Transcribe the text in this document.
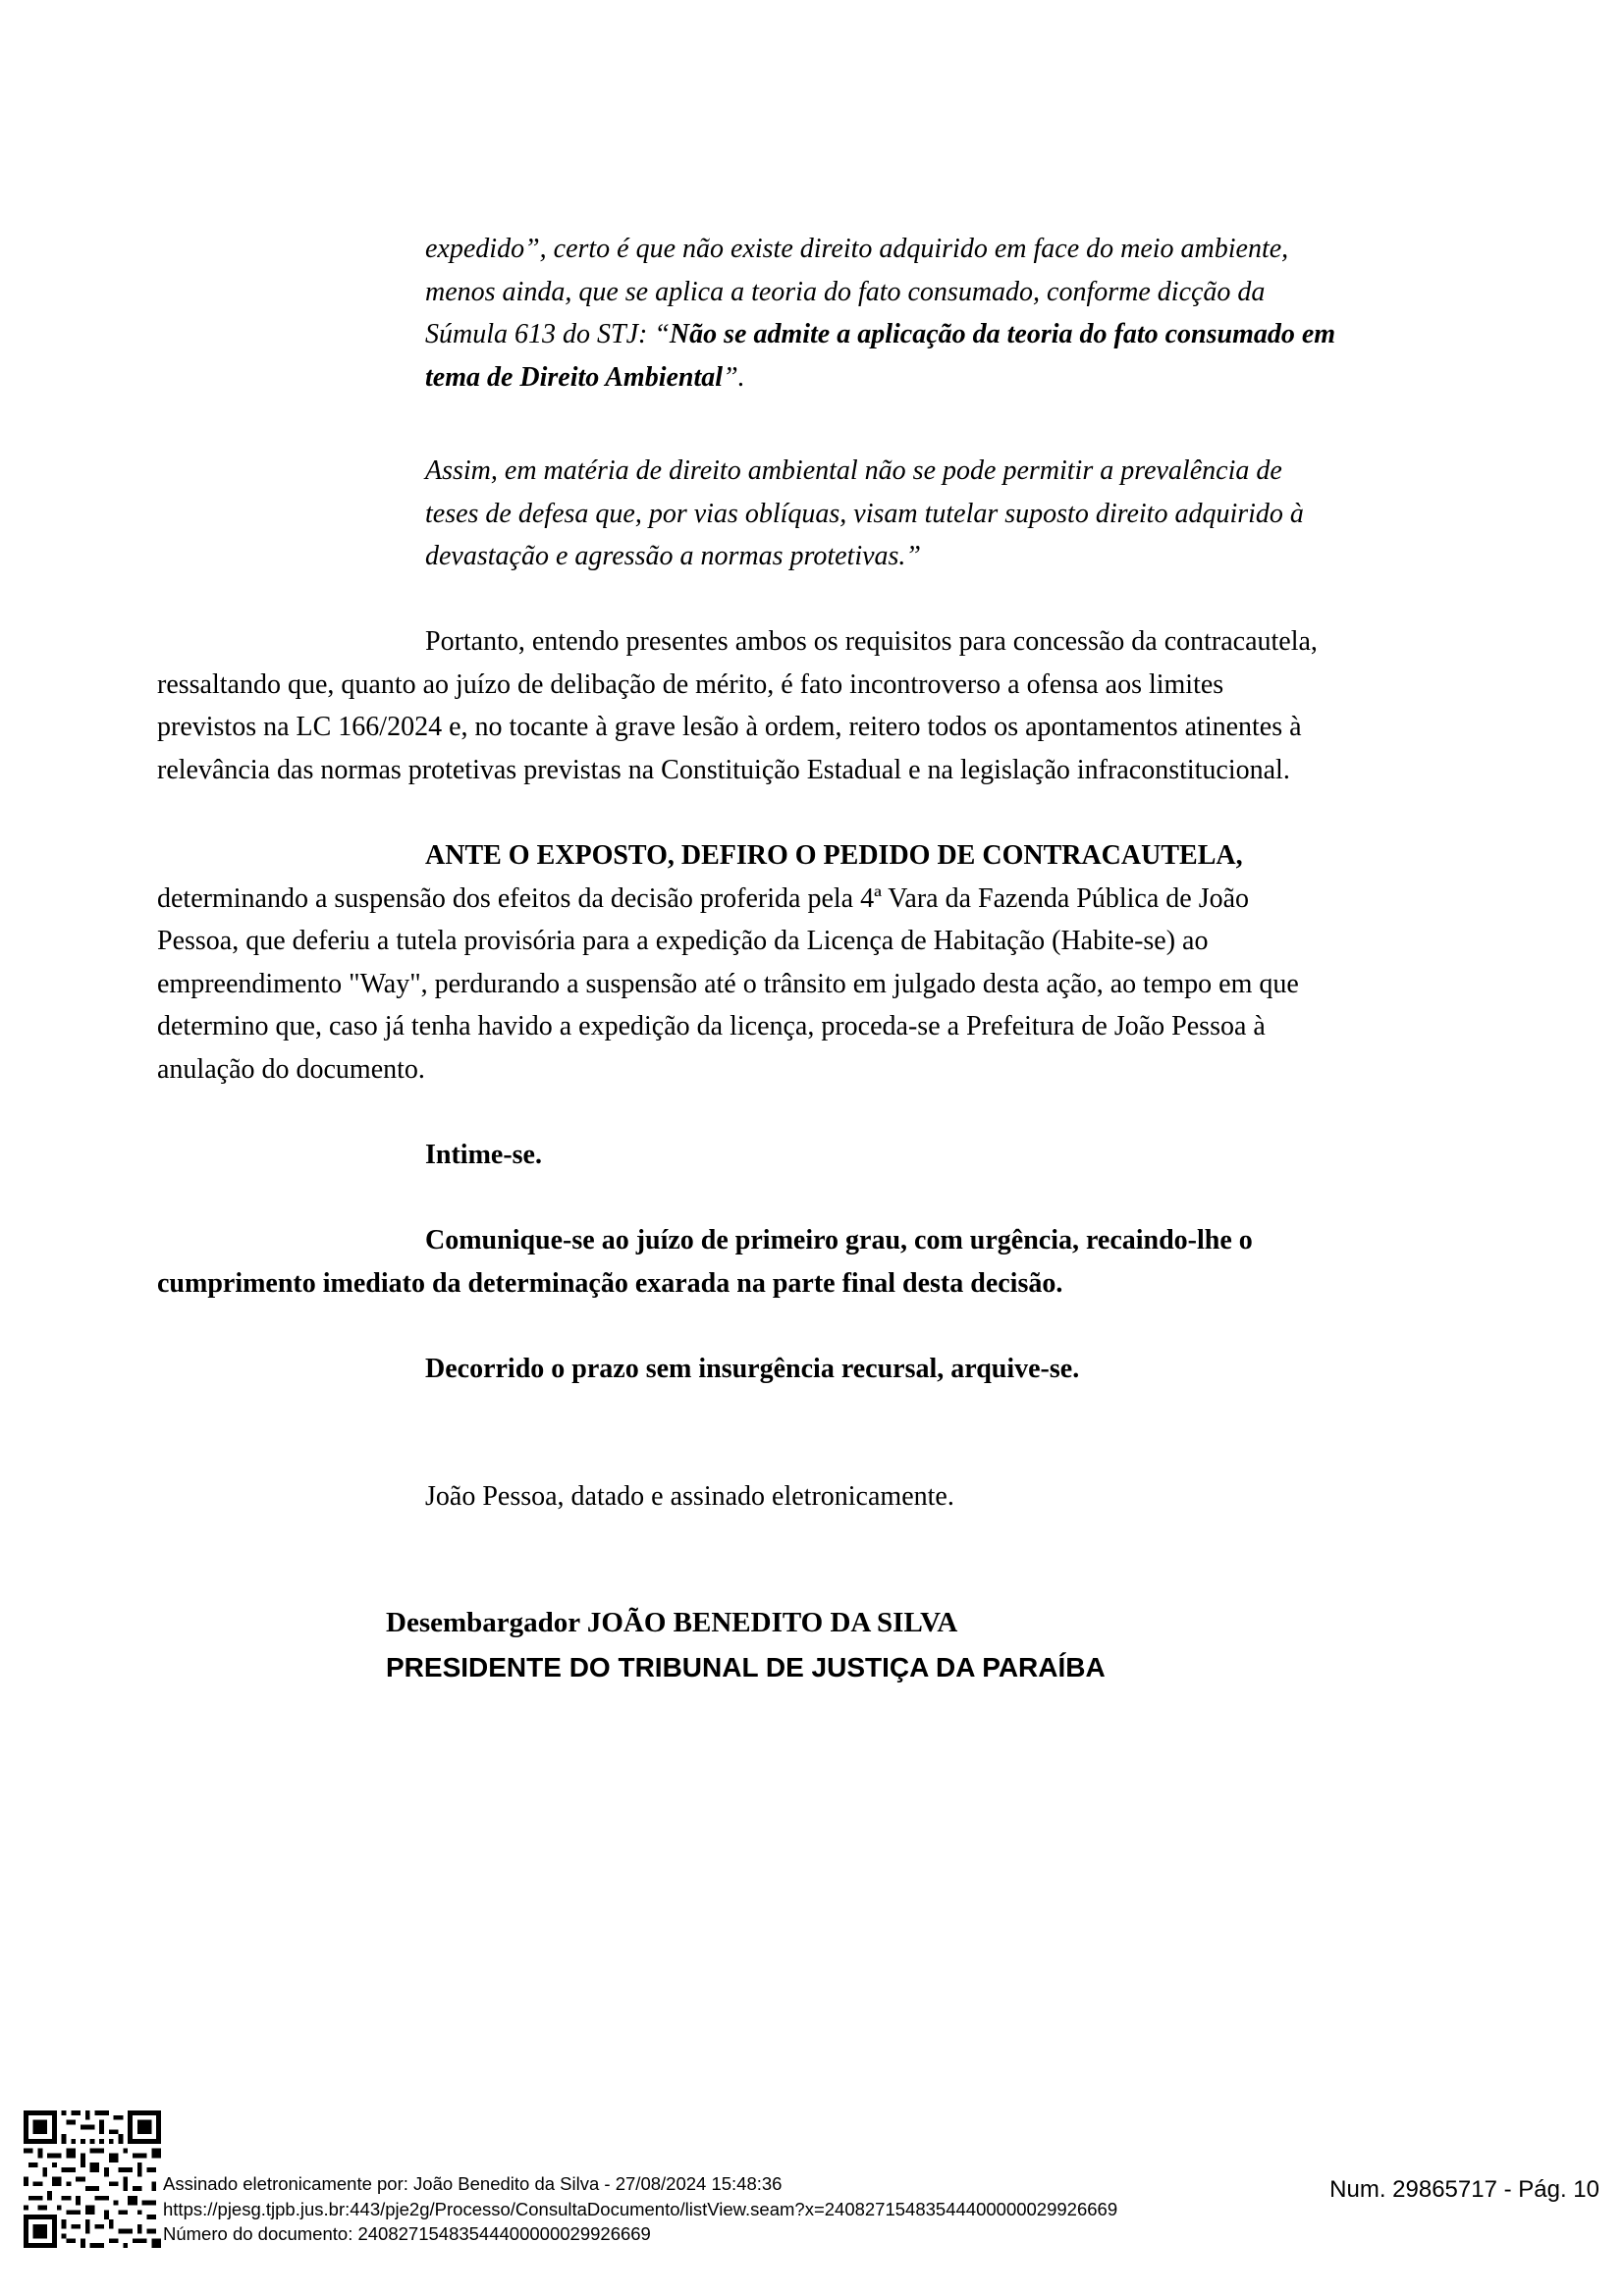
expedido”, certo é que não existe direito adquirido em face do meio ambiente,
menos ainda, que se aplica a teoria do fato consumado, conforme dicção da
Súmula 613 do STJ: “Não se admite a aplicação da teoria do fato consumado em
tema de Direito Ambiental”.

Assim, em matéria de direito ambiental não se pode permitir a prevalência de
teses de defesa que, por vias oblíquas, visam tutelar suposto direito adquirido à
devastação e agressão a normas protetivas.”

Portanto, entendo presentes ambos os requisitos para concessão da contracautela,
ressaltando que, quanto ao juízo de delibação de mérito, é fato incontroverso a ofensa aos limites
previstos na LC 166/2024 e, no tocante à grave lesão à ordem, reitero todos os apontamentos atinentes à
relevância das normas protetivas previstas na Constituição Estadual e na legislação infraconstitucional.

ANTE O EXPOSTO, DEFIRO O PEDIDO DE CONTRACAUTELA,
determinando a suspensão dos efeitos da decisão proferida pela 4ª Vara da Fazenda Pública de João
Pessoa, que deferiu a tutela provisória para a expedição da Licença de Habitação (Habite-se) ao
empreendimento "Way", perdurando a suspensão até o trânsito em julgado desta ação, ao tempo em que
determino que, caso já tenha havido a expedição da licença, proceda-se a Prefeitura de João Pessoa à
anulação do documento.

Intime-se.

Comunique-se ao juízo de primeiro grau, com urgência, recaindo-lhe o
cumprimento imediato da determinação exarada na parte final desta decisão.

Decorrido o prazo sem insurgência recursal, arquive-se.

João Pessoa, datado e assinado eletronicamente.

Desembargador JOÃO BENEDITO DA SILVA
PRESIDENTE DO TRIBUNAL DE JUSTIÇA DA PARAÍBA
Assinado eletronicamente por: João Benedito da Silva - 27/08/2024 15:48:36
https://pjesg.tjpb.jus.br:443/pje2g/Processo/ConsultaDocumento/listView.seam?x=24082715483544400000029926669
Número do documento: 24082715483544400000029926669
Num. 29865717 - Pág. 10
